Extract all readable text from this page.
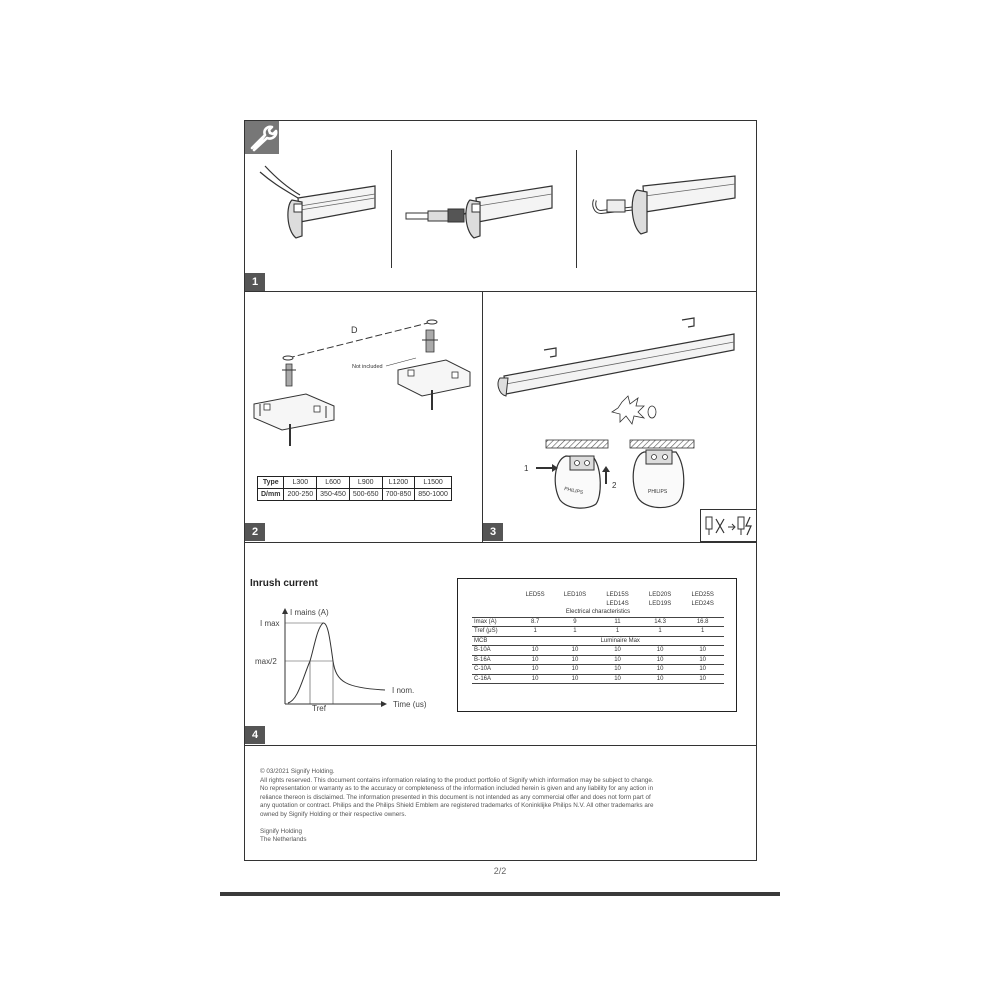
1
2	3
4
D
Not included
Type	L300	L600	L900	L1200	L1500
D/mm	200-250	350-450	500-650	700-850	850-1000	PHILIPS
1
2
PHILIPS
Inrush current
I mains (A)
I max
max/2
Tref
I nom.
Time (us)
	LED5S	LED10S	LED15S	LED20S	LED25S
			LED14S	LED19S	LED24S
Electrical characteristics					
Imax (A)	8.7	9	11	14.3	16.8
Tref (μS)	1	1	1	1	1
MCB	Luminaire Max				
B-10A	10	10	10	10	10
B-16A	10	10	10	10	10
C-10A	10	10	10	10	10
C-16A	10	10	10	10	10

© 03/2021 Signify Holding.

All rights reserved. This document contains information relating to the product portfolio of Signify which information may be subject to change.

No representation or warranty as to the accuracy or completeness of the information included herein is given and any liability for any action in

reliance thereon is disclaimed. The information presented in this document is not intended as any commercial offer and does not form part of

any quotation or contract. Philips and the Philips Shield Emblem are registered trademarks of Koninklijke Philips N.V. All other trademarks are

owned by Signify Holding or their respective owners.

Signify Holding

The Netherlands

2/2
